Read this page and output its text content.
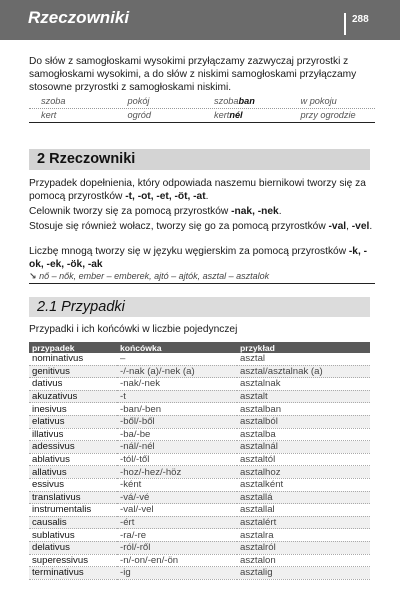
Rzeczowniki	288
Do słów z samogłoskami wysokimi przyłączamy zazwyczaj przyrostki z samogłoskami wysokimi, a do słów z niskimi samogłoskami przyłączamy stosowne przyrostki z samogłoskami niskimi.
szoba	pokój	szobaban	w pokoju
kert	ogród	kertnél	przy ogrodzie
2 Rzeczowniki
Przypadek dopełnienia, który odpowiada naszemu biernikowi tworzy się za pomocą przyrostków -t, -ot, -et, -öt, -at.
Celownik tworzy się za pomocą przyrostków -nak, -nek.
Stosuje się również wołacz, tworzy się go za pomocą przyrostków -val, -vel.
Liczbę mnogą tworzy się w języku węgierskim za pomocą przyrostków -k, -ok, -ek, -ök, -ak
↘ nő – nők, ember – emberek, ajtó – ajtók, asztal – asztalok
2.1 Przypadki
Przypadki i ich końcówki w liczbie pojedynczej
przypadek	końcówka	przykład
nominativus	–	asztal
genitivus	-/-nak (a)/-nek (a)	asztal/asztalnak (a)
dativus	-nak/-nek	asztalnak
akuzativus	-t	asztalt
inesivus	-ban/-ben	asztalban
elativus	-ből/-ből	asztalból
illativus	-ba/-be	asztalba
adessivus	-nál/-nél	asztalnál
ablativus	-tól/-től	asztaltól
allativus	-hoz/-hez/-höz	asztalhoz
essivus	-ként	asztalként
translativus	-vá/-vé	asztallá
instrumentalis	-val/-vel	asztallal
causalis	-ért	asztalért
sublativus	-ra/-re	asztalra
delativus	-ról/-ről	asztalról
superessivus	-n/-on/-en/-ön	asztalon
terminativus	-ig	asztalig
